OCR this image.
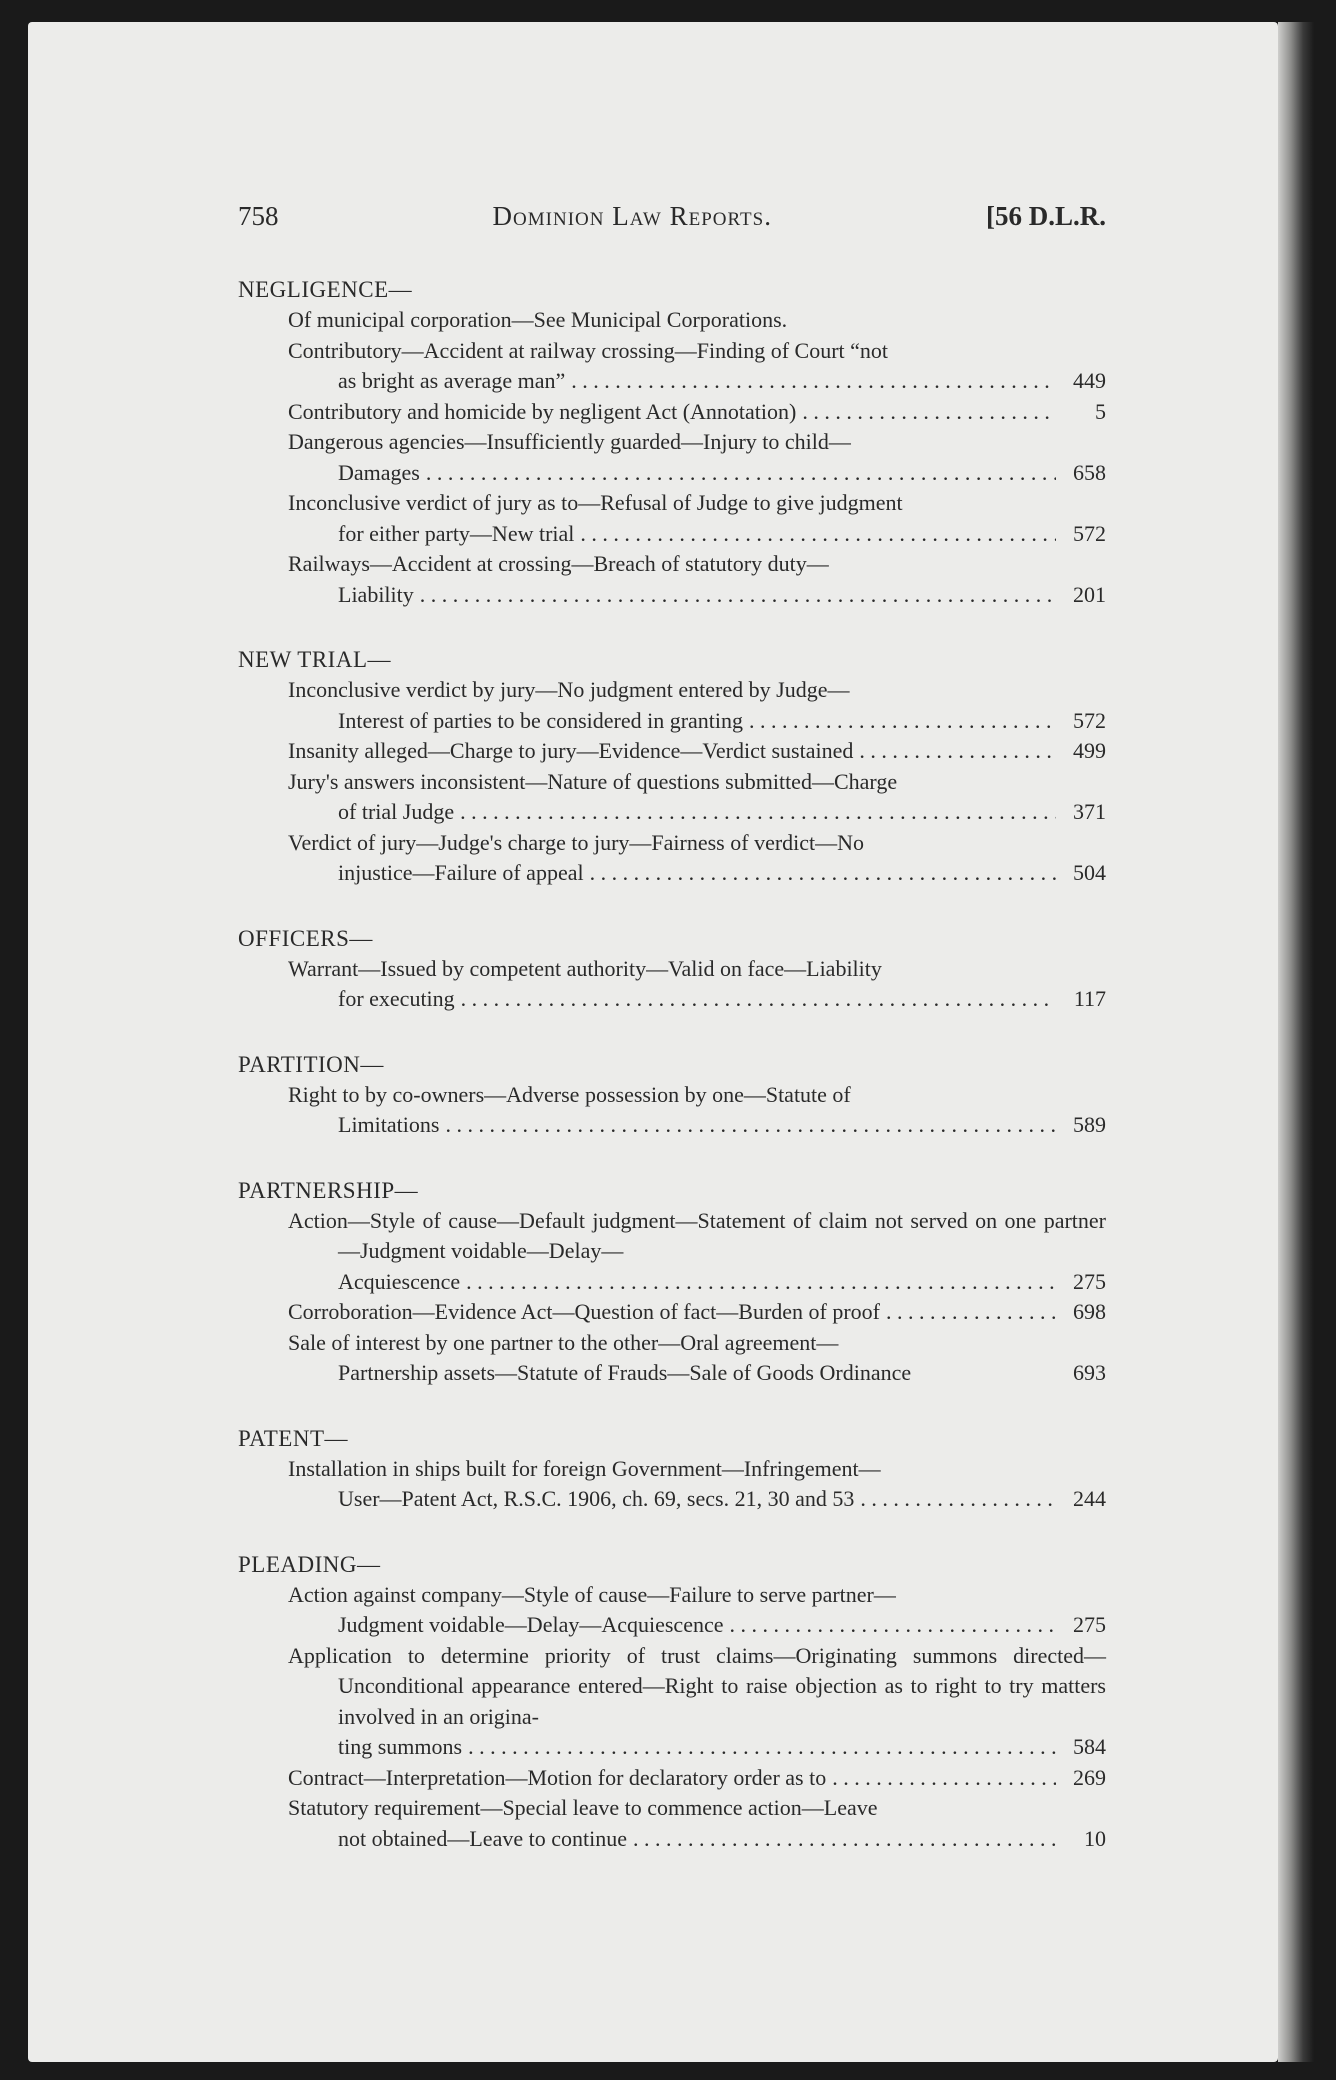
758	Dominion Law Reports.	[56 D.L.R.
NEGLIGENCE—
Of municipal corporation—See Municipal Corporations.
Contributory—Accident at railway crossing—Finding of Court “not
as bright as average man” . . .	449
Contributory and homicide by negligent Act (Annotation) . . .	5
Dangerous agencies—Insufficiently guarded—Injury to child—
Damages . . .	658
Inconclusive verdict of jury as to—Refusal of Judge to give judgment
for either party—New trial . . .	572
Railways—Accident at crossing—Breach of statutory duty—
Liability . . .	201
NEW TRIAL—
Inconclusive verdict by jury—No judgment entered by Judge—
Interest of parties to be considered in granting . . .	572
Insanity alleged—Charge to jury—Evidence—Verdict sustained . . .	499
Jury's answers inconsistent—Nature of questions submitted—Charge
of trial Judge . . .	371
Verdict of jury—Judge's charge to jury—Fairness of verdict—No
injustice—Failure of appeal . . .	504
OFFICERS—
Warrant—Issued by competent authority—Valid on face—Liability
for executing . . .	117
PARTITION—
Right to by co-owners—Adverse possession by one—Statute of
Limitations . . .	589
PARTNERSHIP—
Action—Style of cause—Default judgment—Statement of claim not served on one partner—Judgment voidable—Delay—
Acquiescence . . .	275
Corroboration—Evidence Act—Question of fact—Burden of proof . . .	698
Sale of interest by one partner to the other—Oral agreement—
Partnership assets—Statute of Frauds—Sale of Goods Ordinance	693
PATENT—
Installation in ships built for foreign Government—Infringement—
User—Patent Act, R.S.C. 1906, ch. 69, secs. 21, 30 and 53 . . .	244
PLEADING—
Action against company—Style of cause—Failure to serve partner—
Judgment voidable—Delay—Acquiescence . . .	275
Application to determine priority of trust claims—Originating summons directed—Unconditional appearance entered—Right to raise objection as to right to try matters involved in an origina-
ting summons . . .	584
Contract—Interpretation—Motion for declaratory order as to . . .	269
Statutory requirement—Special leave to commence action—Leave
not obtained—Leave to continue . . .	10
